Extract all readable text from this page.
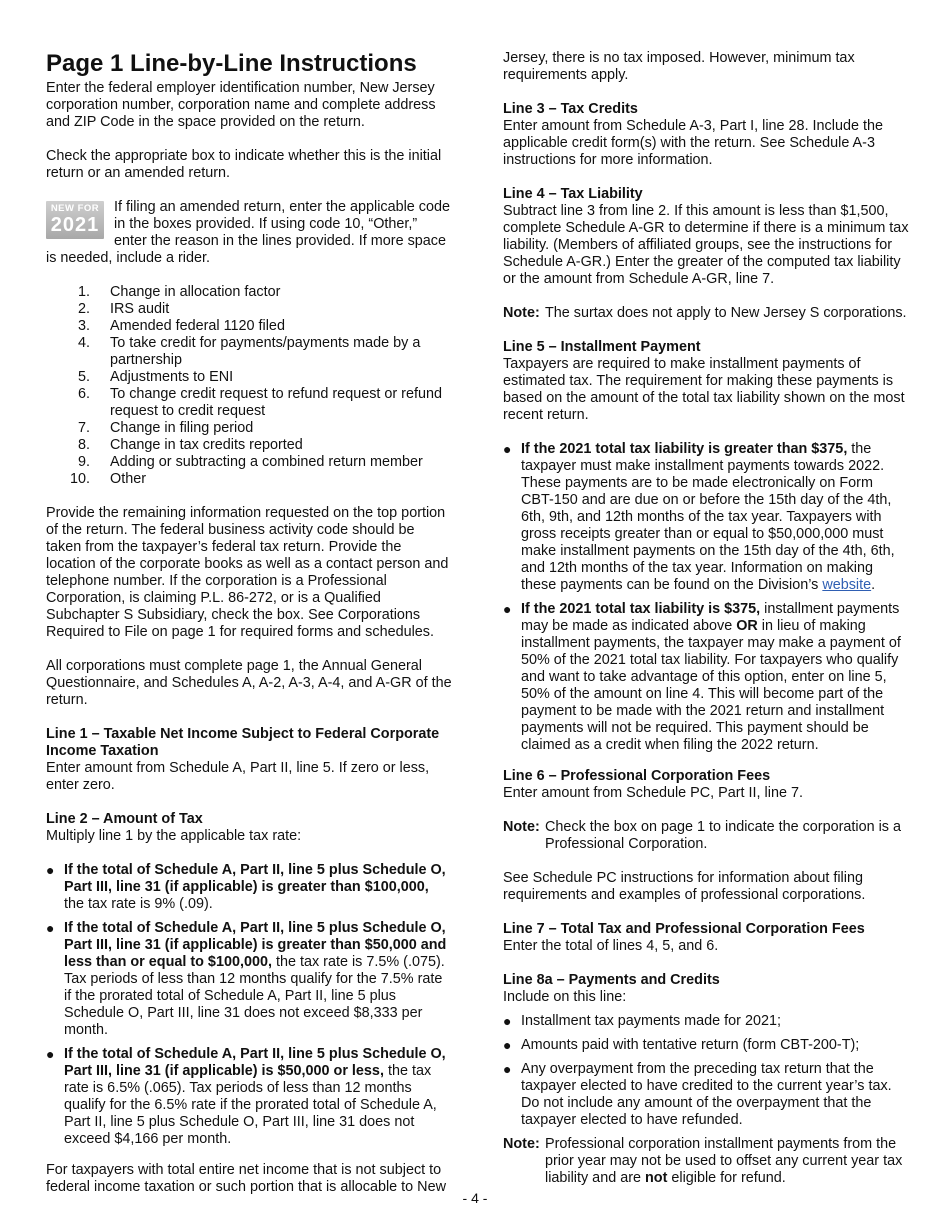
Page 1 Line-by-Line Instructions

Enter the federal employer identification number, New Jersey corporation number, corporation name and complete address and ZIP Code in the space provided on the return.

Check the appropriate box to indicate whether this is the initial return or an amended return.

NEW FOR
2021

If filing an amended return, enter the applicable code in the boxes provided. If using code 10, “Other,” enter the reason in the lines provided. If more space is needed, include a rider.

1.	Change in allocation factor
2.	IRS audit
3.	Amended federal 1120 filed
4.	To take credit for payments/payments made by a partnership
5.	Adjustments to ENI
6.	To change credit request to refund request or refund request to credit request
7.	Change in filing period
8.	Change in tax credits reported
9.	Adding or subtracting a combined return member
10.	Other

Provide the remaining information requested on the top portion of the return. The federal business activity code should be taken from the taxpayer’s federal tax return. Provide the location of the corporate books as well as a contact person and telephone number. If the corporation is a Professional Corporation, is claiming P.L. 86-272, or is a Qualified Subchapter S Subsidiary, check the box. See Corporations Required to File on page 1 for required forms and schedules.

All corporations must complete page 1, the Annual General Questionnaire, and Schedules A, A-2, A-3, A-4, and A-GR of the return.

Line 1 – Taxable Net Income Subject to Federal Corporate Income Taxation

Enter amount from Schedule A, Part II, line 5. If zero or less, enter zero.

Line 2 – Amount of Tax

Multiply line 1 by the applicable tax rate:

● If the total of Schedule A, Part II, line 5 plus Schedule O, Part III, line 31 (if applicable) is greater than $100,000, the tax rate is 9% (.09).
● If the total of Schedule A, Part II, line 5 plus Schedule O, Part III, line 31 (if applicable) is greater than $50,000 and less than or equal to $100,000, the tax rate is 7.5% (.075). Tax periods of less than 12 months qualify for the 7.5% rate if the prorated total of Schedule A, Part II, line 5 plus Schedule O, Part III, line 31 does not exceed $8,333 per month.
● If the total of Schedule A, Part II, line 5 plus Schedule O, Part III, line 31 (if applicable) is $50,000 or less, the tax rate is 6.5% (.065). Tax periods of less than 12 months qualify for the 6.5% rate if the prorated total of Schedule A, Part II, line 5 plus Schedule O, Part III, line 31 does not exceed $4,166 per month.

For taxpayers with total entire net income that is not subject to federal income taxation or such portion that is allocable to New

Jersey, there is no tax imposed. However, minimum tax requirements apply.

Line 3 – Tax Credits

Enter amount from Schedule A-3, Part I, line 28. Include the applicable credit form(s) with the return. See Schedule A-3 instructions for more information.

Line 4 – Tax Liability

Subtract line 3 from line 2. If this amount is less than $1,500, complete Schedule A-GR to determine if there is a minimum tax liability. (Members of affiliated groups, see the instructions for Schedule A-GR.) Enter the greater of the computed tax liability or the amount from Schedule A-GR, line 7.

Note: The surtax does not apply to New Jersey S corporations.

Line 5 – Installment Payment

Taxpayers are required to make installment payments of estimated tax. The requirement for making these payments is based on the amount of the total tax liability shown on the most recent return.

● If the 2021 total tax liability is greater than $375, the taxpayer must make installment payments towards 2022. These payments are to be made electronically on Form CBT-150 and are due on or before the 15th day of the 4th, 6th, 9th, and 12th months of the tax year. Taxpayers with gross receipts greater than or equal to $50,000,000 must make installment payments on the 15th day of the 4th, 6th, and 12th months of the tax year. Information on making these payments can be found on the Division’s website.
● If the 2021 total tax liability is $375, installment payments may be made as indicated above OR in lieu of making installment payments, the taxpayer may make a payment of 50% of the 2021 total tax liability. For taxpayers who qualify and want to take advantage of this option, enter on line 5, 50% of the amount on line 4. This will become part of the payment to be made with the 2021 return and installment payments will not be required. This payment should be claimed as a credit when filing the 2022 return.

Line 6 – Professional Corporation Fees

Enter amount from Schedule PC, Part II, line 7.

Note: Check the box on page 1 to indicate the corporation is a Professional Corporation.

See Schedule PC instructions for information about filing requirements and examples of professional corporations.

Line 7 – Total Tax and Professional Corporation Fees

Enter the total of lines 4, 5, and 6.

Line 8a – Payments and Credits

Include on this line:

● Installment tax payments made for 2021;
● Amounts paid with tentative return (form CBT-200-T);
● Any overpayment from the preceding tax return that the taxpayer elected to have credited to the current year’s tax. Do not include any amount of the overpayment that the taxpayer elected to have refunded.
Note: Professional corporation installment payments from the prior year may not be used to offset any current year tax liability and are not eligible for refund.
- 4 -
